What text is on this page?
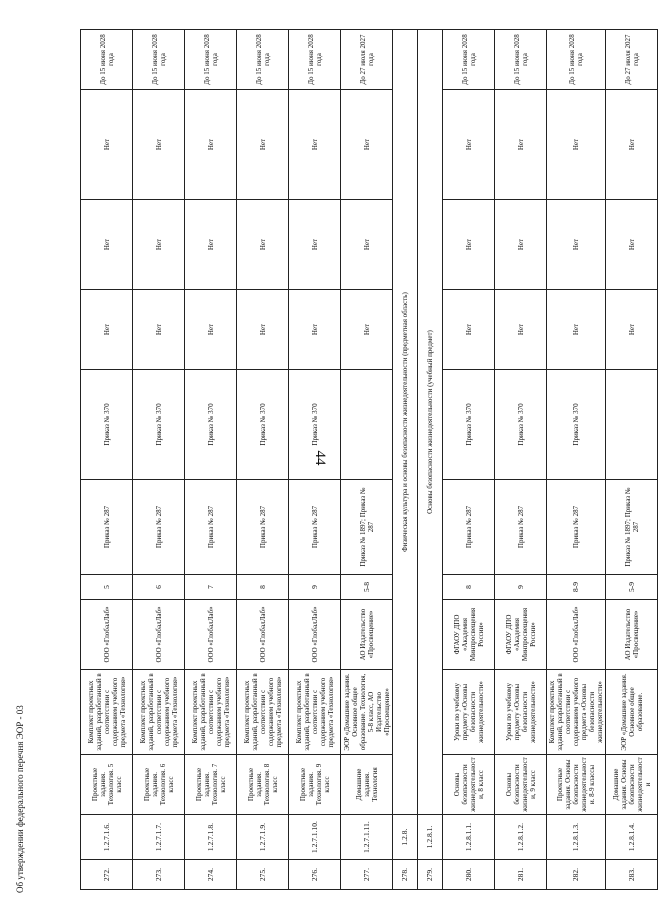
44
Об утверждении федерального перечня ЭОР - 03	272.	1.2.7.1.6.	Проектные задания. Технология. 5 класс	Комплект проектных заданий, разработанный в соответствии с содержанием учебного предмета «Технология»	ООО «ГлобалЛаб»	5	Приказ № 287	Приказ № 370	Нет	Нет	Нет	До 15 июня 2028 года
273.	1.2.7.1.7.	Проектные задания. Технология. 6 класс	Комплект проектных заданий, разработанный в соответствии с содержанием учебного предмета «Технология»	ООО «ГлобалЛаб»	6	Приказ № 287	Приказ № 370	Нет	Нет	Нет	До 15 июня 2028 года
274.	1.2.7.1.8.	Проектные задания. Технология. 7 класс	Комплект проектных заданий, разработанный в соответствии с содержанием учебного предмета «Технология»	ООО «ГлобалЛаб»	7	Приказ № 287	Приказ № 370	Нет	Нет	Нет	До 15 июня 2028 года
275.	1.2.7.1.9.	Проектные задания. Технология. 8 класс	Комплект проектных заданий, разработанный в соответствии с содержанием учебного предмета «Технология»	ООО «ГлобалЛаб»	8	Приказ № 287	Приказ № 370	Нет	Нет	Нет	До 15 июня 2028 года
276.	1.2.7.1.10.	Проектные задания. Технология. 9 класс	Комплект проектных заданий, разработанный в соответствии с содержанием учебного предмета «Технология»	ООО «ГлобалЛаб»	9	Приказ № 287	Приказ № 370	Нет	Нет	Нет	До 15 июня 2028 года
277.	1.2.7.1.11.	Домашние задания. Технология	ЭОР «Домашние задания. Основное общее образование. Технология, 5-8 класс, АО Издательство «Просвещение»	АО Издательство «Просвещение»	5-8	Приказ № 1897; Приказ № 287		Нет	Нет	Нет	До 27 июля 2027 года
278.	1.2.8.	Физическая культура и основы безопасности жизнедеятельности (предметная область)									
279.	1.2.8.1.	Основы безопасности жизнедеятельности (учебный предмет)									
280.	1.2.8.1.1.	Основы безопасности жизнедеятельности, 8 класс	Уроки по учебному предмету «Основы безопасности жизнедеятельности»	ФГАОУ ДПО «Академия Минпросвещения России»	8	Приказ № 287	Приказ № 370	Нет	Нет	Нет	До 15 июня 2028 года
281.	1.2.8.1.2.	Основы безопасности жизнедеятельности, 9 класс	Уроки по учебному предмету «Основы безопасности жизнедеятельности»	ФГАОУ ДПО «Академия Минпросвещения России»	9	Приказ № 287	Приказ № 370	Нет	Нет	Нет	До 15 июня 2028 года
282.	1.2.8.1.3.	Проектные задания. Основы безопасности жизнедеятельности. 8-9 классы	Комплект проектных заданий, разработанный в соответствии с содержанием учебного предмета «Основы безопасности жизнедеятельности»	ООО «ГлобалЛаб»	8-9	Приказ № 287	Приказ № 370	Нет	Нет	Нет	До 15 июня 2028 года
283.	1.2.8.1.4.	Домашние задания. Основы безопасности жизнедеятельности	ЭОР «Домашние задания. Основное общее образование.	АО Издательство «Просвещение»	5-9	Приказ № 1897; Приказ № 287		Нет	Нет	Нет	До 27 июля 2027 года
